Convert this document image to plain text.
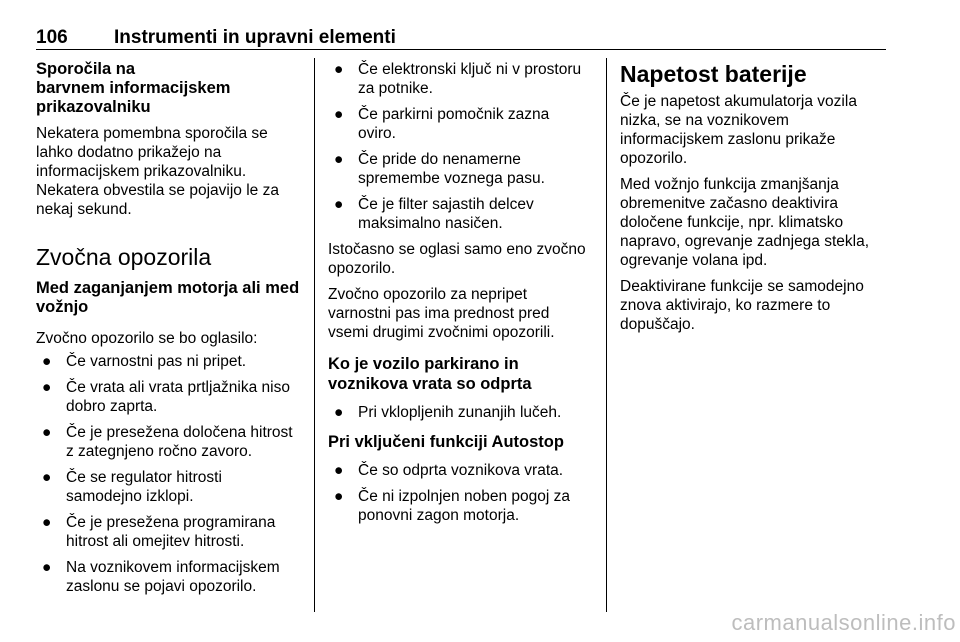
106 Instrumenti in upravni elementi
Sporočila na
barvnem informacijskem
prikazovalniku
Nekatera pomembna sporočila se
lahko dodatno prikažejo na
informacijskem prikazovalniku.
Nekatera obvestila se pojavijo le za
nekaj sekund.
Zvočna opozorila
Med zaganjanjem motorja ali med
vožnjo
Zvočno opozorilo se bo oglasilo:
● Če varnostni pas ni pripet.
● Če vrata ali vrata prtljažnika niso
dobro zaprta.
● Če je presežena določena hitrost
z zategnjeno ročno zavoro.
● Če se regulator hitrosti
samodejno izklopi.
● Če je presežena programirana
hitrost ali omejitev hitrosti.
● Na voznikovem informacijskem
zaslonu se pojavi opozorilo.
● Če elektronski ključ ni v prostoru
za potnike.
● Če parkirni pomočnik zazna
oviro.
● Če pride do nenamerne
spremembe voznega pasu.
● Če je filter sajastih delcev
maksimalno nasičen.
Istočasno se oglasi samo eno zvočno
opozorilo.
Zvočno opozorilo za nepripet
varnostni pas ima prednost pred
vsemi drugimi zvočnimi opozorili.
Ko je vozilo parkirano in
voznikova vrata so odprta
● Pri vklopljenih zunanjih lučeh.
Pri vključeni funkciji Autostop
● Če so odprta voznikova vrata.
● Če ni izpolnjen noben pogoj za
ponovni zagon motorja.
Napetost baterije
Če je napetost akumulatorja vozila
nizka, se na voznikovem
informacijskem zaslonu prikaže
opozorilo.
Med vožnjo funkcija zmanjšanja
obremenitve začasno deaktivira
določene funkcije, npr. klimatsko
napravo, ogrevanje zadnjega stekla,
ogrevanje volana ipd.
Deaktivirane funkcije se samodejno
znova aktivirajo, ko razmere to
dopuščajo.
carmanualsonline.info
